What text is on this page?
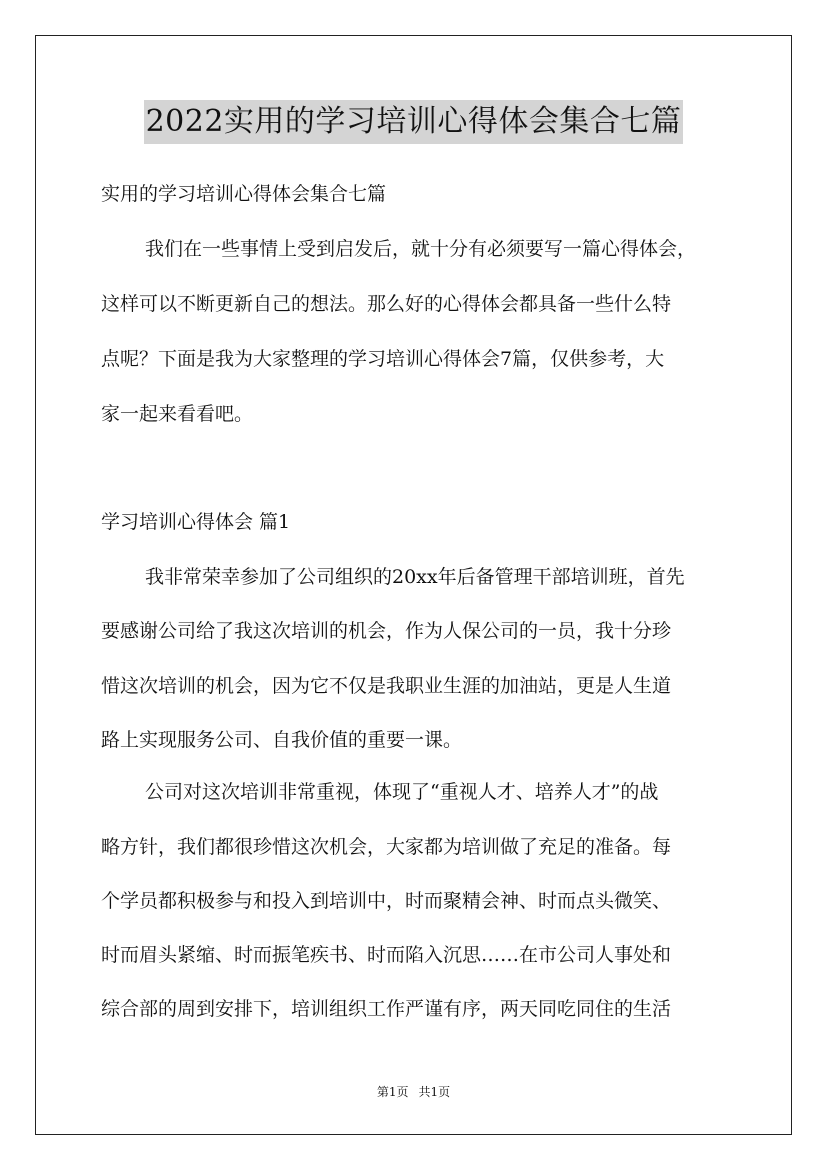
2022实用的学习培训心得体会集合七篇
实用的学习培训心得体会集合七篇
我们在一些事情上受到启发后，就十分有必须要写一篇心得体会，
这样可以不断更新自己的想法。那么好的心得体会都具备一些什么特
点呢？下面是我为大家整理的学习培训心得体会7篇，仅供参考，大
家一起来看看吧。
学习培训心得体会 篇1
我非常荣幸参加了公司组织的20xx年后备管理干部培训班，首先
要感谢公司给了我这次培训的机会，作为人保公司的一员，我十分珍
惜这次培训的机会，因为它不仅是我职业生涯的加油站，更是人生道
路上实现服务公司、自我价值的重要一课。
公司对这次培训非常重视，体现了“重视人才、培养人才”的战
略方针，我们都很珍惜这次机会，大家都为培训做了充足的准备。每
个学员都积极参与和投入到培训中，时而聚精会神、时而点头微笑、
时而眉头紧缩、时而振笔疾书、时而陷入沉思……在市公司人事处和
综合部的周到安排下，培训组织工作严谨有序，两天同吃同住的生活
第1页 共1页
